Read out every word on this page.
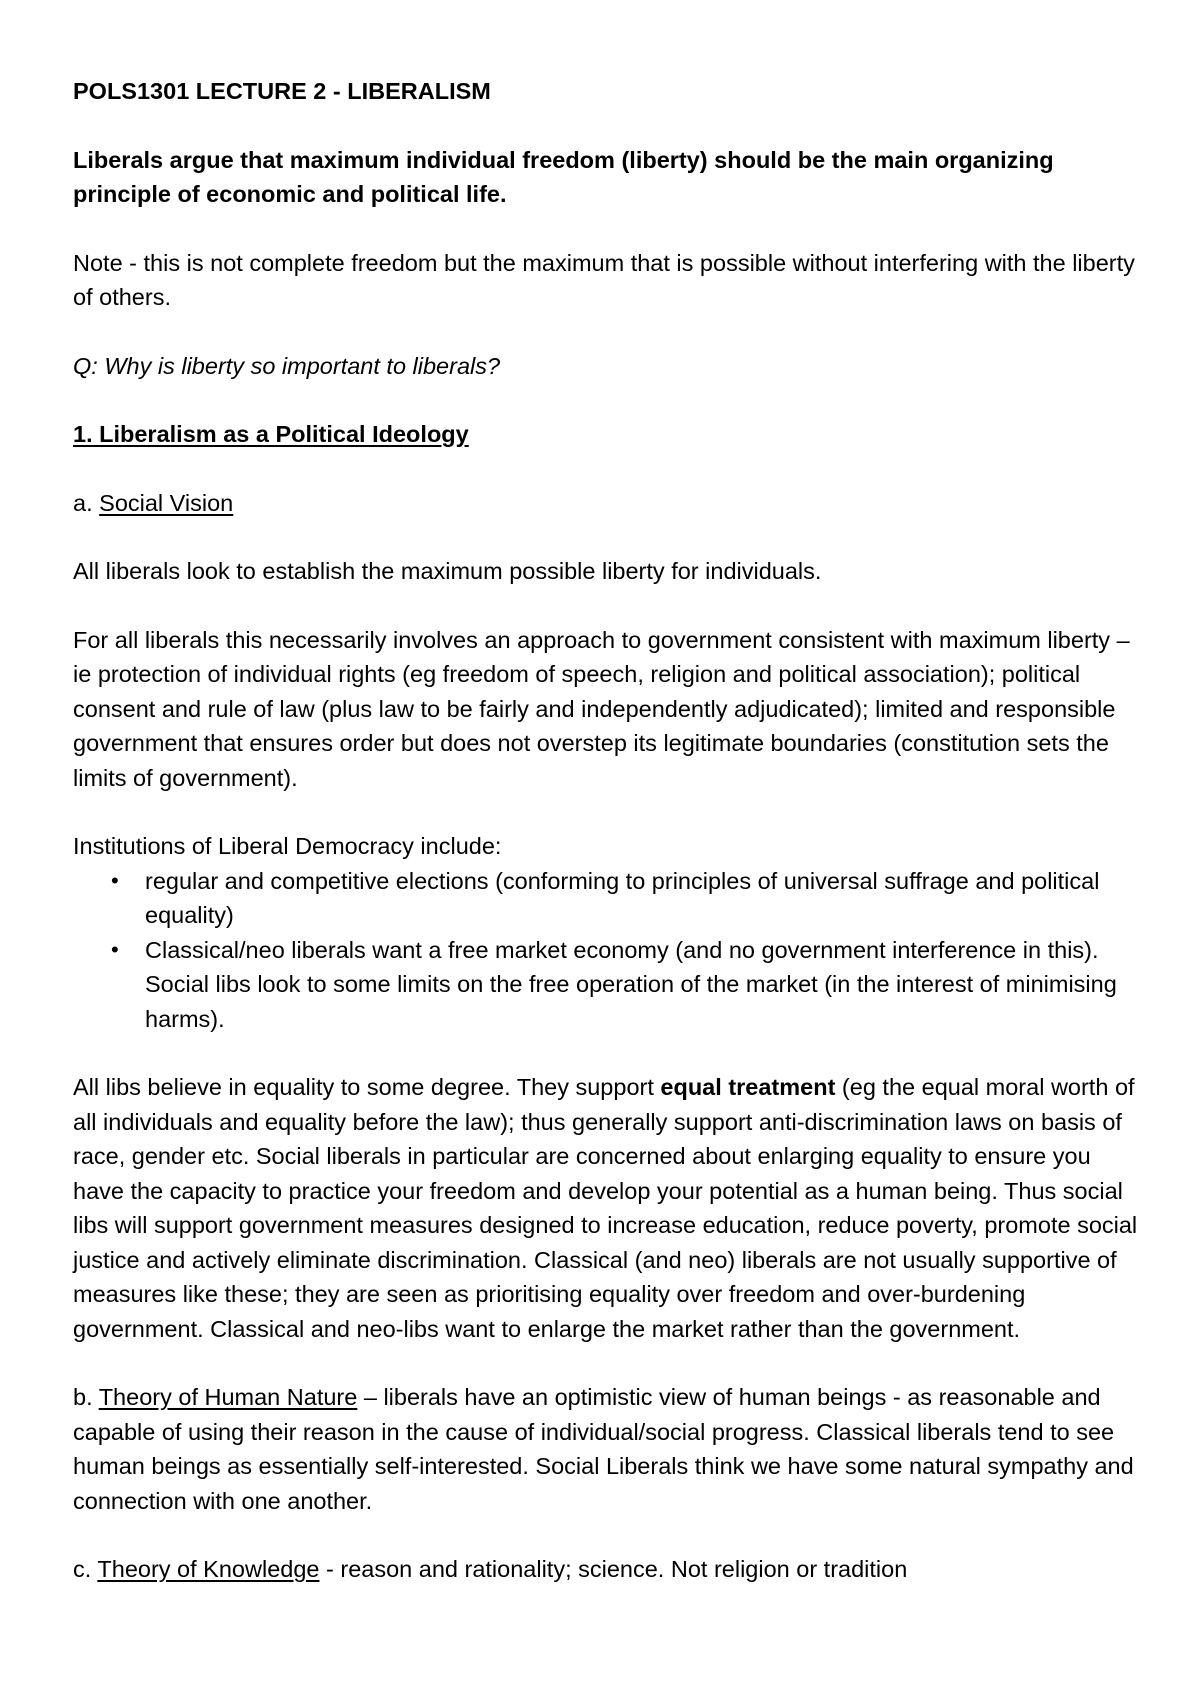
POLS1301 LECTURE 2 - LIBERALISM

Liberals argue that maximum individual freedom (liberty) should be the main organizing principle of economic and political life.

Note - this is not complete freedom but the maximum that is possible without interfering with the liberty of others.

Q: Why is liberty so important to liberals?

1. Liberalism as a Political Ideology

a. Social Vision

All liberals look to establish the maximum possible liberty for individuals.

For all liberals this necessarily involves an approach to government consistent with maximum liberty – ie protection of individual rights (eg freedom of speech, religion and political association); political consent and rule of law (plus law to be fairly and independently adjudicated); limited and responsible government that ensures order but does not overstep its legitimate boundaries (constitution sets the limits of government).

Institutions of Liberal Democracy include:

• regular and competitive elections (conforming to principles of universal suffrage and political equality)
• Classical/neo liberals want a free market economy (and no government interference in this). Social libs look to some limits on the free operation of the market (in the interest of minimising harms).

All libs believe in equality to some degree. They support equal treatment (eg the equal moral worth of all individuals and equality before the law); thus generally support anti-discrimination laws on basis of race, gender etc. Social liberals in particular are concerned about enlarging equality to ensure you have the capacity to practice your freedom and develop your potential as a human being. Thus social libs will support government measures designed to increase education, reduce poverty, promote social justice and actively eliminate discrimination. Classical (and neo) liberals are not usually supportive of measures like these; they are seen as prioritising equality over freedom and over-burdening government. Classical and neo-libs want to enlarge the market rather than the government.

b. Theory of Human Nature – liberals have an optimistic view of human beings - as reasonable and capable of using their reason in the cause of individual/social progress. Classical liberals tend to see human beings as essentially self-interested. Social Liberals think we have some natural sympathy and connection with one another.

c. Theory of Knowledge - reason and rationality; science. Not religion or tradition
